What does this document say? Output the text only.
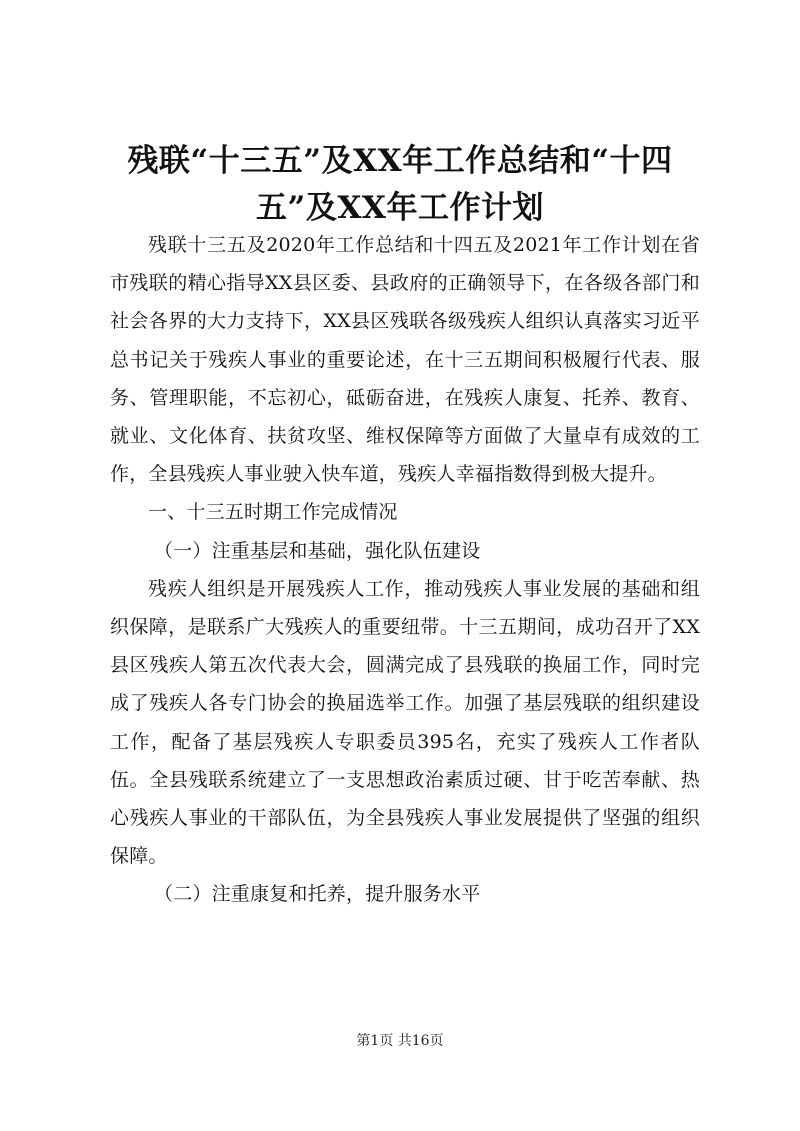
残联“十三五”及XX年工作总结和“十四
五”及XX年工作计划

残联十三五及2020年工作总结和十四五及2021年工作计划在省市残联的精心指导XX县区委、县政府的正确领导下，在各级各部门和社会各界的大力支持下，XX县区残联各级残疾人组织认真落实习近平总书记关于残疾人事业的重要论述，在十三五期间积极履行代表、服务、管理职能，不忘初心，砥砺奋进，在残疾人康复、托养、教育、就业、文化体育、扶贫攻坚、维权保障等方面做了大量卓有成效的工作，全县残疾人事业驶入快车道，残疾人幸福指数得到极大提升。

一、十三五时期工作完成情况

（一）注重基层和基础，强化队伍建设

残疾人组织是开展残疾人工作，推动残疾人事业发展的基础和组织保障，是联系广大残疾人的重要纽带。十三五期间，成功召开了XX县区残疾人第五次代表大会，圆满完成了县残联的换届工作，同时完成了残疾人各专门协会的换届选举工作。加强了基层残联的组织建设工作，配备了基层残疾人专职委员395名，充实了残疾人工作者队伍。全县残联系统建立了一支思想政治素质过硬、甘于吃苦奉献、热心残疾人事业的干部队伍，为全县残疾人事业发展提供了坚强的组织保障。

（二）注重康复和托养，提升服务水平

第1页 共16页
